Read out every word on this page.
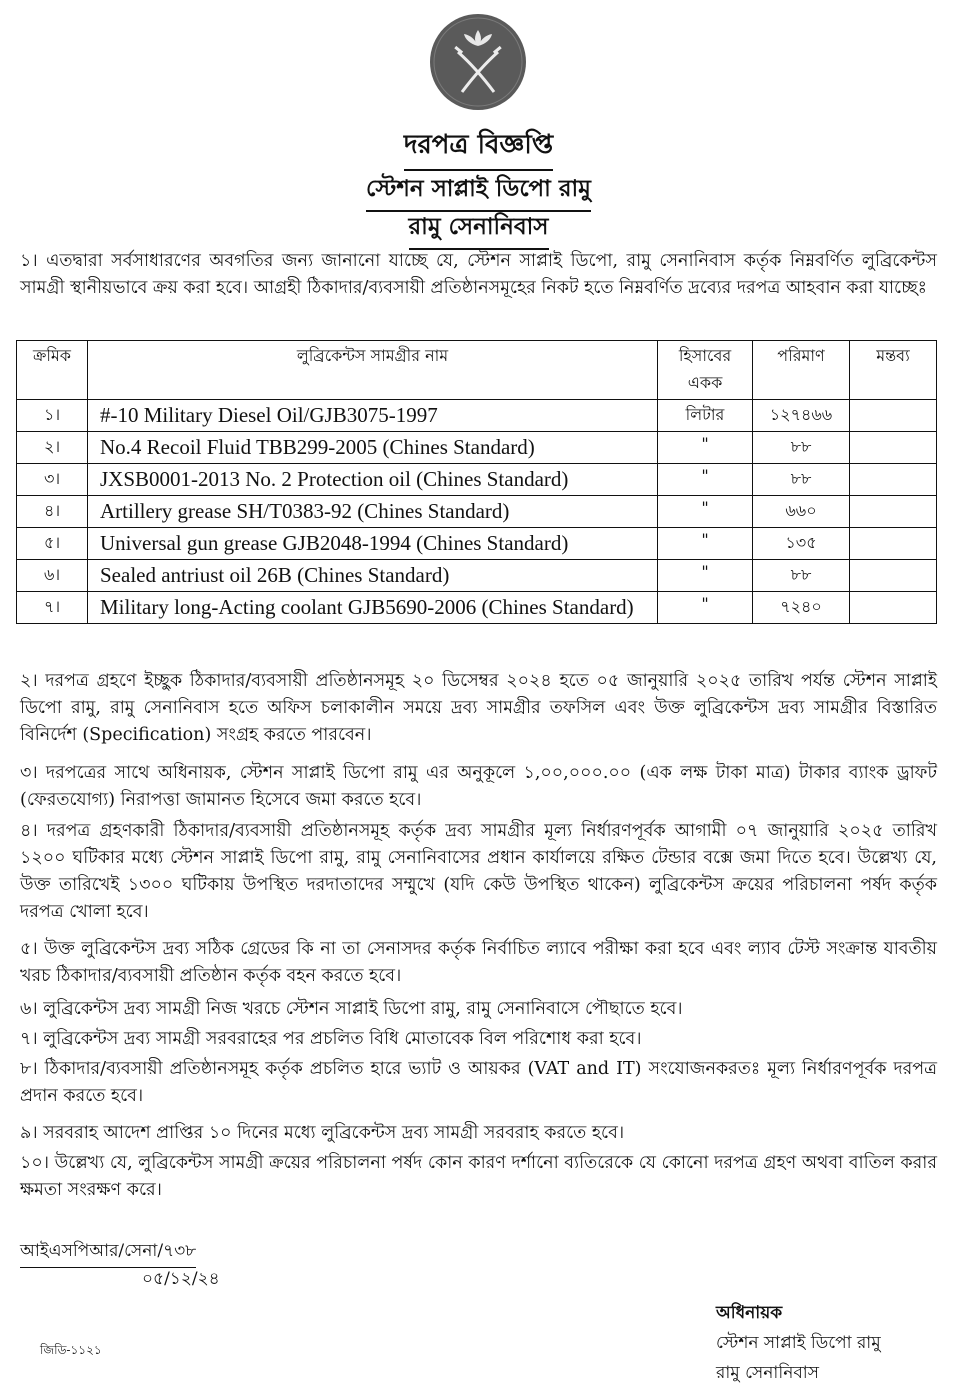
দরপত্র বিজ্ঞপ্তি
স্টেশন সাপ্লাই ডিপো রামু
রামু সেনানিবাস
১। এতদ্বারা সর্বসাধারণের অবগতির জন্য জানানো যাচ্ছে যে, স্টেশন সাপ্লাই ডিপো, রামু সেনানিবাস কর্তৃক নিম্নবর্ণিত লুব্রিকেন্টস সামগ্রী স্থানীয়ভাবে ক্রয় করা হবে। আগ্রহী ঠিকাদার/ব্যবসায়ী প্রতিষ্ঠানসমূহের নিকট হতে নিম্নবর্ণিত দ্রব্যের দরপত্র আহবান করা যাচ্ছেঃ
ক্রমিক	লুব্রিকেন্টস সামগ্রীর নাম	হিসাবের একক	পরিমাণ	মন্তব্য
১।	#-10 Military Diesel Oil/GJB3075-1997	লিটার	১২৭৪৬৬	
২।	No.4 Recoil Fluid TBB299-2005 (Chines Standard)	"	৮৮	
৩।	JXSB0001-2013 No. 2 Protection oil (Chines Standard)	"	৮৮	
৪।	Artillery grease SH/T0383-92 (Chines Standard)	"	৬৬০	
৫।	Universal gun grease GJB2048-1994 (Chines Standard)	"	১৩৫	
৬।	Sealed antriust oil 26B (Chines Standard)	"	৮৮	
৭।	Military long-Acting coolant GJB5690-2006 (Chines Standard)	"	৭২৪০	
২। দরপত্র গ্রহণে ইচ্ছুক ঠিকাদার/ব্যবসায়ী প্রতিষ্ঠানসমূহ ২০ ডিসেম্বর ২০২৪ হতে ০৫ জানুয়ারি ২০২৫ তারিখ পর্যন্ত স্টেশন সাপ্লাই ডিপো রামু, রামু সেনানিবাস হতে অফিস চলাকালীন সময়ে দ্রব্য সামগ্রীর তফসিল এবং উক্ত লুব্রিকেন্টস দ্রব্য সামগ্রীর বিস্তারিত বিনির্দেশ (Specification) সংগ্রহ করতে পারবেন।
৩। দরপত্রের সাথে অধিনায়ক, স্টেশন সাপ্লাই ডিপো রামু এর অনুকূলে ১,০০,০০০.০০ (এক লক্ষ টাকা মাত্র) টাকার ব্যাংক ড্রাফট (ফেরতযোগ্য) নিরাপত্তা জামানত হিসেবে জমা করতে হবে।
৪। দরপত্র গ্রহণকারী ঠিকাদার/ব্যবসায়ী প্রতিষ্ঠানসমূহ কর্তৃক দ্রব্য সামগ্রীর মূল্য নির্ধারণপূর্বক আগামী ০৭ জানুয়ারি ২০২৫ তারিখ ১২০০ ঘটিকার মধ্যে স্টেশন সাপ্লাই ডিপো রামু, রামু সেনানিবাসের প্রধান কার্যালয়ে রক্ষিত টেন্ডার বক্সে জমা দিতে হবে। উল্লেখ্য যে, উক্ত তারিখেই ১৩০০ ঘটিকায় উপস্থিত দরদাতাদের সম্মুখে (যদি কেউ উপস্থিত থাকেন) লুব্রিকেন্টস ক্রয়ের পরিচালনা পর্ষদ কর্তৃক দরপত্র খোলা হবে।
৫। উক্ত লুব্রিকেন্টস দ্রব্য সঠিক গ্রেডের কি না তা সেনাসদর কর্তৃক নির্বাচিত ল্যাবে পরীক্ষা করা হবে এবং ল্যাব টেস্ট সংক্রান্ত যাবতীয় খরচ ঠিকাদার/ব্যবসায়ী প্রতিষ্ঠান কর্তৃক বহন করতে হবে।
৬। লুব্রিকেন্টস দ্রব্য সামগ্রী নিজ খরচে স্টেশন সাপ্লাই ডিপো রামু, রামু সেনানিবাসে পৌছাতে হবে।
৭। লুব্রিকেন্টস দ্রব্য সামগ্রী সরবরাহের পর প্রচলিত বিধি মোতাবেক বিল পরিশোধ করা হবে।
৮। ঠিকাদার/ব্যবসায়ী প্রতিষ্ঠানসমূহ কর্তৃক প্রচলিত হারে ভ্যাট ও আয়কর (VAT and IT) সংযোজনকরতঃ মূল্য নির্ধারণপূর্বক দরপত্র প্রদান করতে হবে।
৯। সরবরাহ আদেশ প্রাপ্তির ১০ দিনের মধ্যে লুব্রিকেন্টস দ্রব্য সামগ্রী সরবরাহ করতে হবে।
১০। উল্লেখ্য যে, লুব্রিকেন্টস সামগ্রী ক্রয়ের পরিচালনা পর্ষদ কোন কারণ দর্শানো ব্যতিরেকে যে কোনো দরপত্র গ্রহণ অথবা বাতিল করার ক্ষমতা সংরক্ষণ করে।
আইএসপিআর/সেনা/৭৩৮
০৫/১২/২৪
অধিনায়ক
স্টেশন সাপ্লাই ডিপো রামু
রামু সেনানিবাস
জিডি-১১২১
